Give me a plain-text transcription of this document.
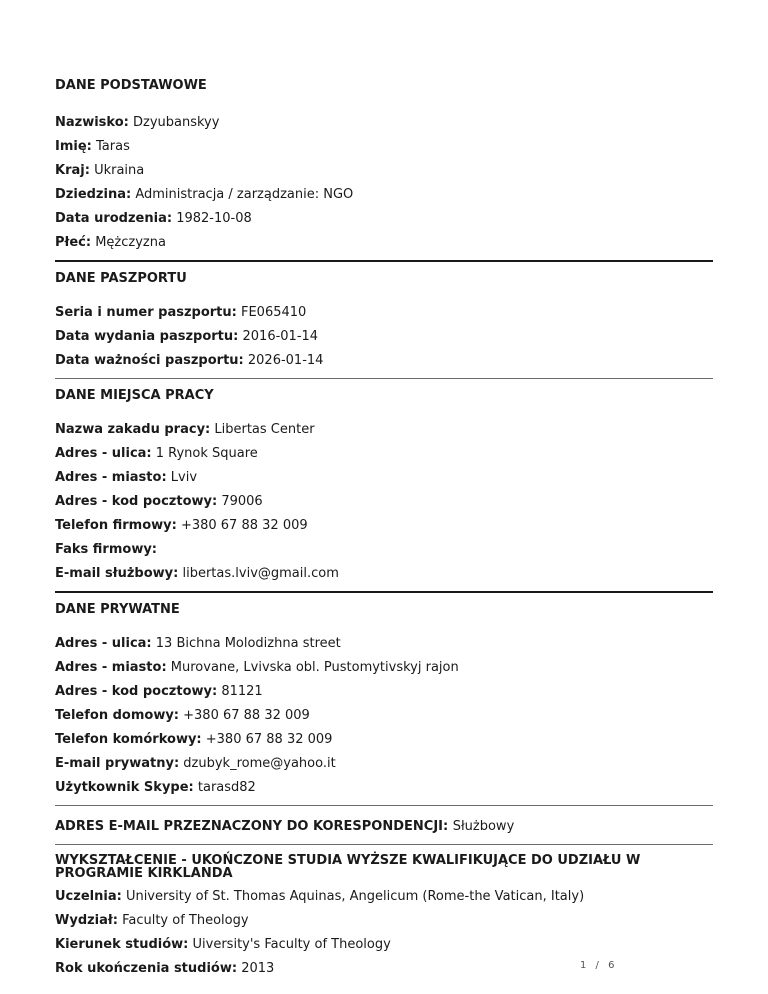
DANE PODSTAWOWE
Nazwisko: Dzyubanskyy
Imię: Taras
Kraj: Ukraina
Dziedzina: Administracja / zarządzanie: NGO
Data urodzenia: 1982-10-08
Płeć: Mężczyzna
DANE PASZPORTU
Seria i numer paszportu: FE065410
Data wydania paszportu: 2016-01-14
Data ważności paszportu: 2026-01-14
DANE MIEJSCA PRACY
Nazwa zakadu pracy: Libertas Center
Adres - ulica: 1 Rynok Square
Adres - miasto: Lviv
Adres - kod pocztowy: 79006
Telefon firmowy: +380 67 88 32 009
Faks firmowy:
E-mail służbowy: libertas.lviv@gmail.com
DANE PRYWATNE
Adres - ulica: 13 Bichna Molodizhna street
Adres - miasto: Murovane, Lvivska obl. Pustomytivskyj rajon
Adres - kod pocztowy: 81121
Telefon domowy: +380 67 88 32 009
Telefon komórkowy: +380 67 88 32 009
E-mail prywatny: dzubyk_rome@yahoo.it
Użytkownik Skype: tarasd82
ADRES E-MAIL PRZEZNACZONY DO KORESPONDENCJI: Służbowy
WYKSZTAŁCENIE - UKOŃCZONE STUDIA WYŻSZE KWALIFIKUJĄCE DO UDZIAŁU W PROGRAMIE KIRKLANDA
Uczelnia: University of St. Thomas Aquinas, Angelicum (Rome-the Vatican, Italy)
Wydział: Faculty of Theology
Kierunek studiów: Uiversity's Faculty of Theology
Rok ukończenia studiów: 2013	1 / 6
